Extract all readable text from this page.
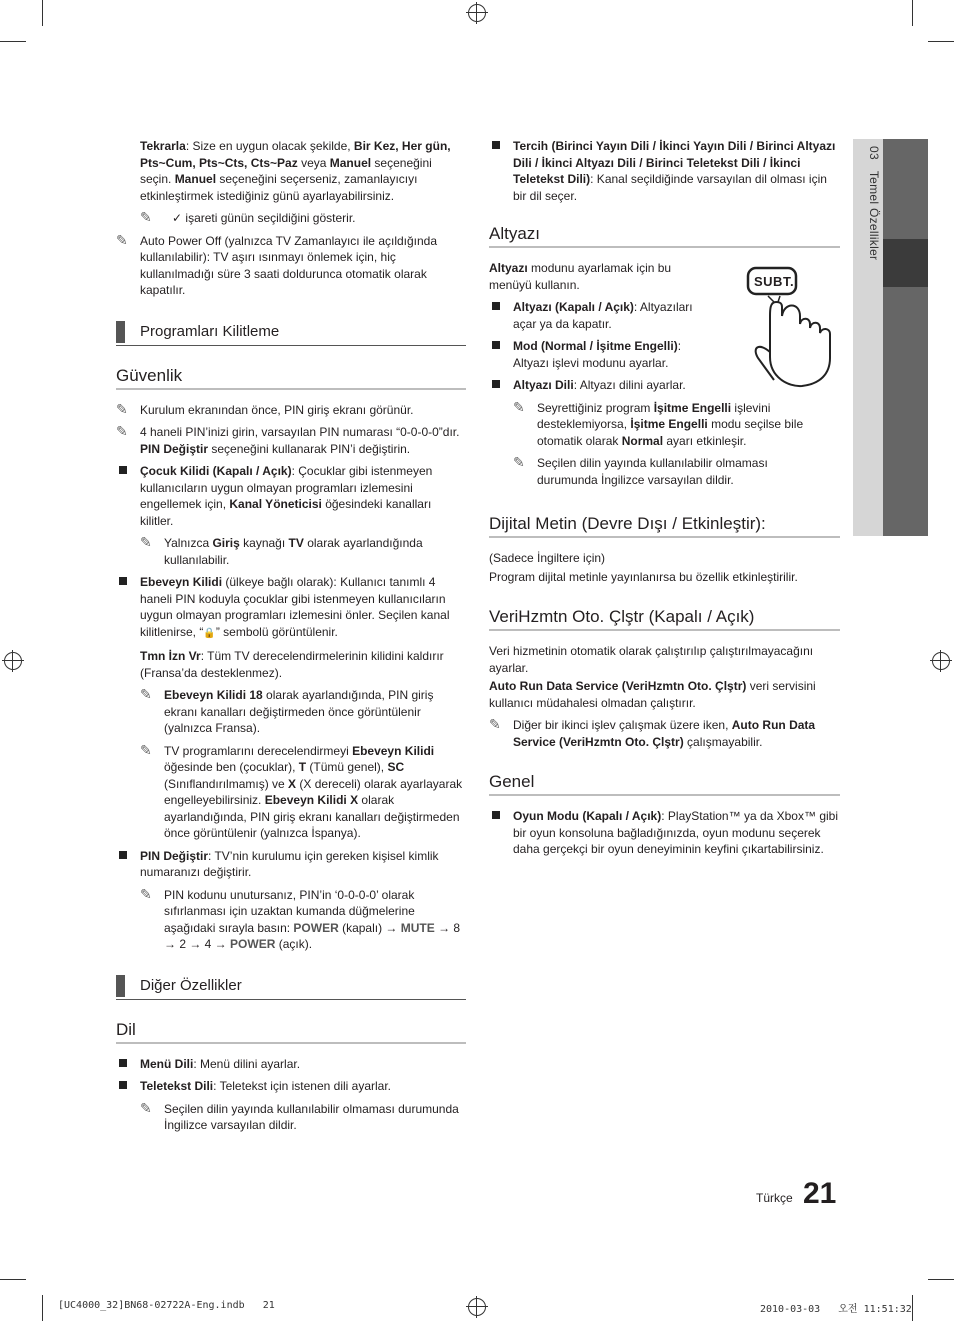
03   Temel Özellikler

Tekrarla: Size en uygun olacak şekilde, Bir Kez, Her gün, Pts~Cum, Pts~Cts, Cts~Paz veya Manuel seçeneğini seçin. Manuel seçeneğini seçerseniz, zamanlayıcıyı etkinleştirmek istediğiniz günü ayarlayabilirsiniz.

✎ ✓ işareti günün seçildiğini gösterir.
✎ Auto Power Off (yalnızca TV Zamanlayıcı ile açıldığında kullanılabilir): TV aşırı ısınmayı önlemek için, hiç kullanılmadığı süre 3 saati doldurunca otomatik olarak kapatılır.
Programları Kilitleme
Güvenlik
✎ Kurulum ekranından önce, PIN giriş ekranı görünür.
✎ 4 haneli PIN’inizi girin, varsayılan PIN numarası “0-0-0-0”dır. PIN Değiştir seçeneğini kullanarak PIN’i değiştirin.
Çocuk Kilidi (Kapalı / Açık): Çocuklar gibi istenmeyen kullanıcıların uygun olmayan programları izlemesini engellemek için, Kanal Yöneticisi öğesindeki kanalları kilitler.
✎ Yalnızca Giriş kaynağı TV olarak ayarlandığında kullanılabilir.
Ebeveyn Kilidi (ülkeye bağlı olarak): Kullanıcı tanımlı 4 haneli PIN koduyla çocuklar gibi istenmeyen kullanıcıların uygun olmayan programları izlemesini önler. Seçilen kanal kilitlenirse, “🔒” sembolü görüntülenir.

Tmn İzn Vr: Tüm TV derecelendirmelerinin kilidini kaldırır (Fransa’da desteklenmez).

✎ Ebeveyn Kilidi 18 olarak ayarlandığında, PIN giriş ekranı kanalları değiştirmeden önce görüntülenir (yalnızca Fransa).
✎ TV programlarını derecelendirmeyi Ebeveyn Kilidi öğesinde ben (çocuklar), T (Tümü genel), SC (Sınıflandırılmamış) ve X (X dereceli) olarak ayarlayarak engelleyebilirsiniz. Ebeveyn Kilidi X olarak ayarlandığında, PIN giriş ekranı kanalları değiştirmeden önce görüntülenir (yalnızca İspanya).
PIN Değiştir: TV’nin kurulumu için gereken kişisel kimlik numaranızı değiştirir.
✎ PIN kodunu unutursanız, PIN’in ‘0-0-0-0’ olarak sıfırlanması için uzaktan kumanda düğmelerine aşağıdaki sırayla basın: POWER (kapalı) → MUTE → 8 → 2 → 4 → POWER (açık).
Diğer Özellikler
Dil
Menü Dili: Menü dilini ayarlar.
Teletekst Dili: Teletekst için istenen dili ayarlar.
✎ Seçilen dilin yayında kullanılabilir olmaması durumunda İngilizce varsayılan dildir.
Tercih (Birinci Yayın Dili / İkinci Yayın Dili / Birinci Altyazı Dili / İkinci Altyazı Dili / Birinci Teletekst Dili / İkinci Teletekst Dili): Kanal seçildiğinde varsayılan dil olması için bir dil seçer.
Altyazı
SUBT.

Altyazı modunu ayarlamak için bu menüyü kullanın.

Altyazı (Kapalı / Açık): Altyazıları açar ya da kapatır.
Mod (Normal / İşitme Engelli): Altyazı işlevi modunu ayarlar.
Altyazı Dili: Altyazı dilini ayarlar.
✎ Seyrettiğiniz program İşitme Engelli işlevini desteklemiyorsa, İşitme Engelli modu seçilse bile otomatik olarak Normal ayarı etkinleşir.
✎ Seçilen dilin yayında kullanılabilir olmaması durumunda İngilizce varsayılan dildir.
Dijital Metin (Devre Dışı / Etkinleştir):

(Sadece İngiltere için)

Program dijital metinle yayınlanırsa bu özellik etkinleştirilir.

VeriHzmtn Oto. Çlştr (Kapalı / Açık)

Veri hizmetinin otomatik olarak çalıştırılıp çalıştırılmayacağını ayarlar.

Auto Run Data Service (VeriHzmtn Oto. Çlştr) veri servisini kullanıcı müdahalesi olmadan çalıştırır.

✎ Diğer bir ikinci işlev çalışmak üzere iken, Auto Run Data Service (VeriHzmtn Oto. Çlştr) çalışmayabilir.
Genel
Oyun Modu (Kapalı / Açık): PlayStation™ ya da Xbox™ gibi bir oyun konsoluna bağladığınızda, oyun modunu seçerek daha gerçekçi bir oyun deneyiminin keyfini çıkartabilirsiniz.
Türkçe 21
[UC4000_32]BN68-02722A-Eng.indb   21	2010-03-03   오전 11:51:32
